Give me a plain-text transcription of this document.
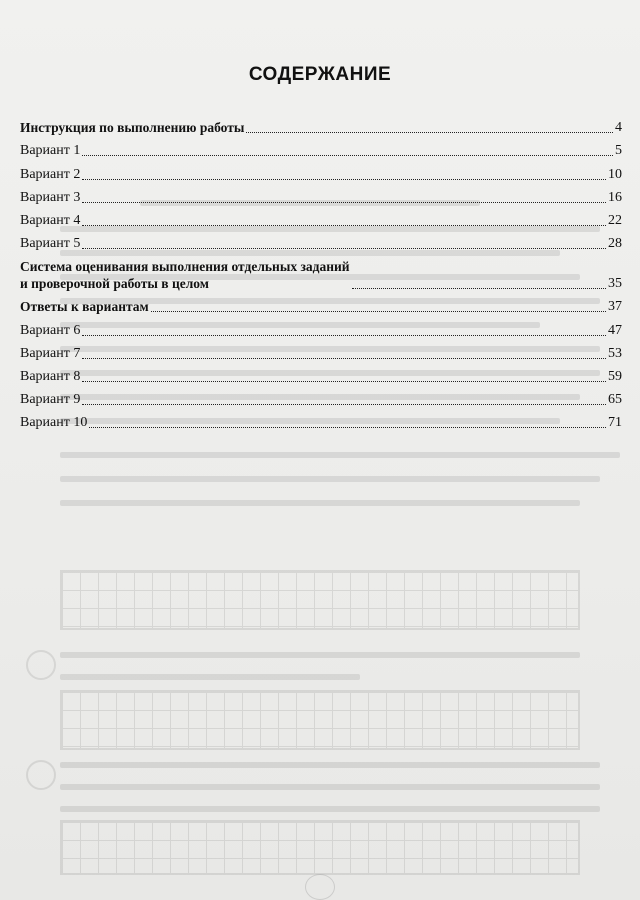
СОДЕРЖАНИЕ
Инструкция по выполнению работы	4
Вариант 1	5
Вариант 2	10
Вариант 3	16
Вариант 4	22
Вариант 5	28
Система оценивания выполнения отдельных заданий
и проверочной работы в целом	35
Ответы к вариантам	37
Вариант 6	47
Вариант 7	53
Вариант 8	59
Вариант 9	65
Вариант 10	71
